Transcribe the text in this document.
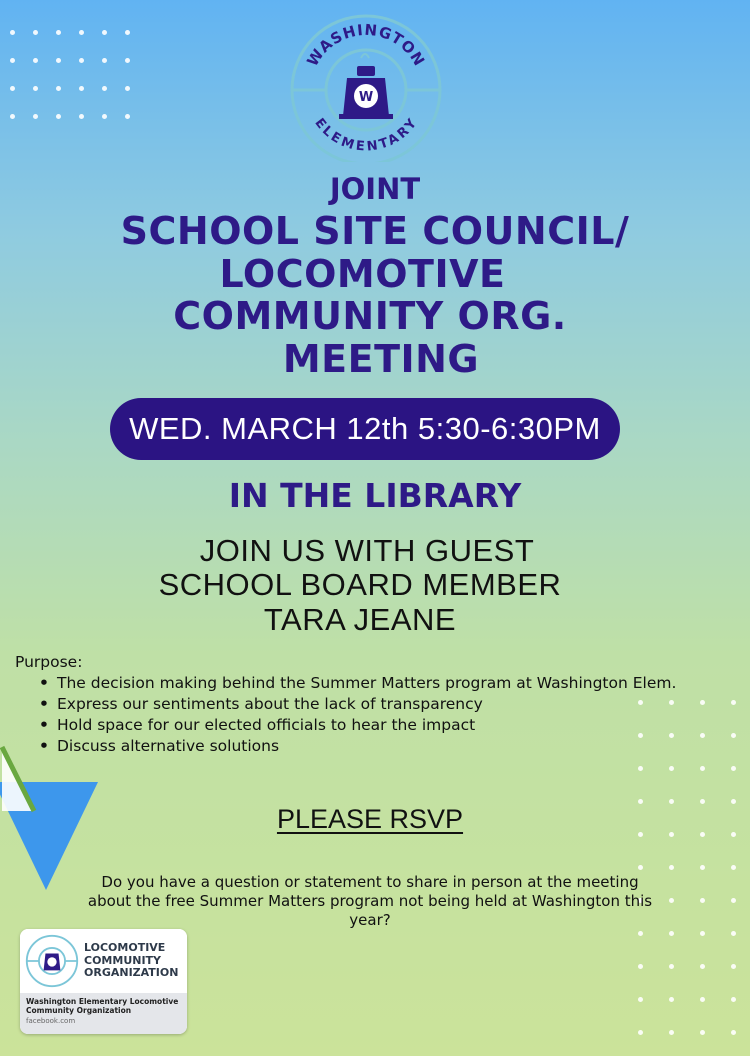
WASHINGTON
ELEMENTARY
W
JOINT
SCHOOL SITE COUNCIL/
LOCOMOTIVE
COMMUNITY ORG.
MEETING
WED. MARCH 12th 5:30-6:30PM
IN THE LIBRARY
JOIN US WITH GUEST
SCHOOL BOARD MEMBER
TARA JEANE
Purpose:
• The decision making behind the Summer Matters program at Washington Elem.
• Express our sentiments about the lack of transparency
• Hold space for our elected officials to hear the impact
• Discuss alternative solutions
PLEASE RSVP
Do you have a question or statement to share in person at the meeting about the free Summer Matters program not being held at Washington this year?
LOCOMOTIVE
COMMUNITY
ORGANIZATION
Washington Elementary Locomotive Community Organization
facebook.com
